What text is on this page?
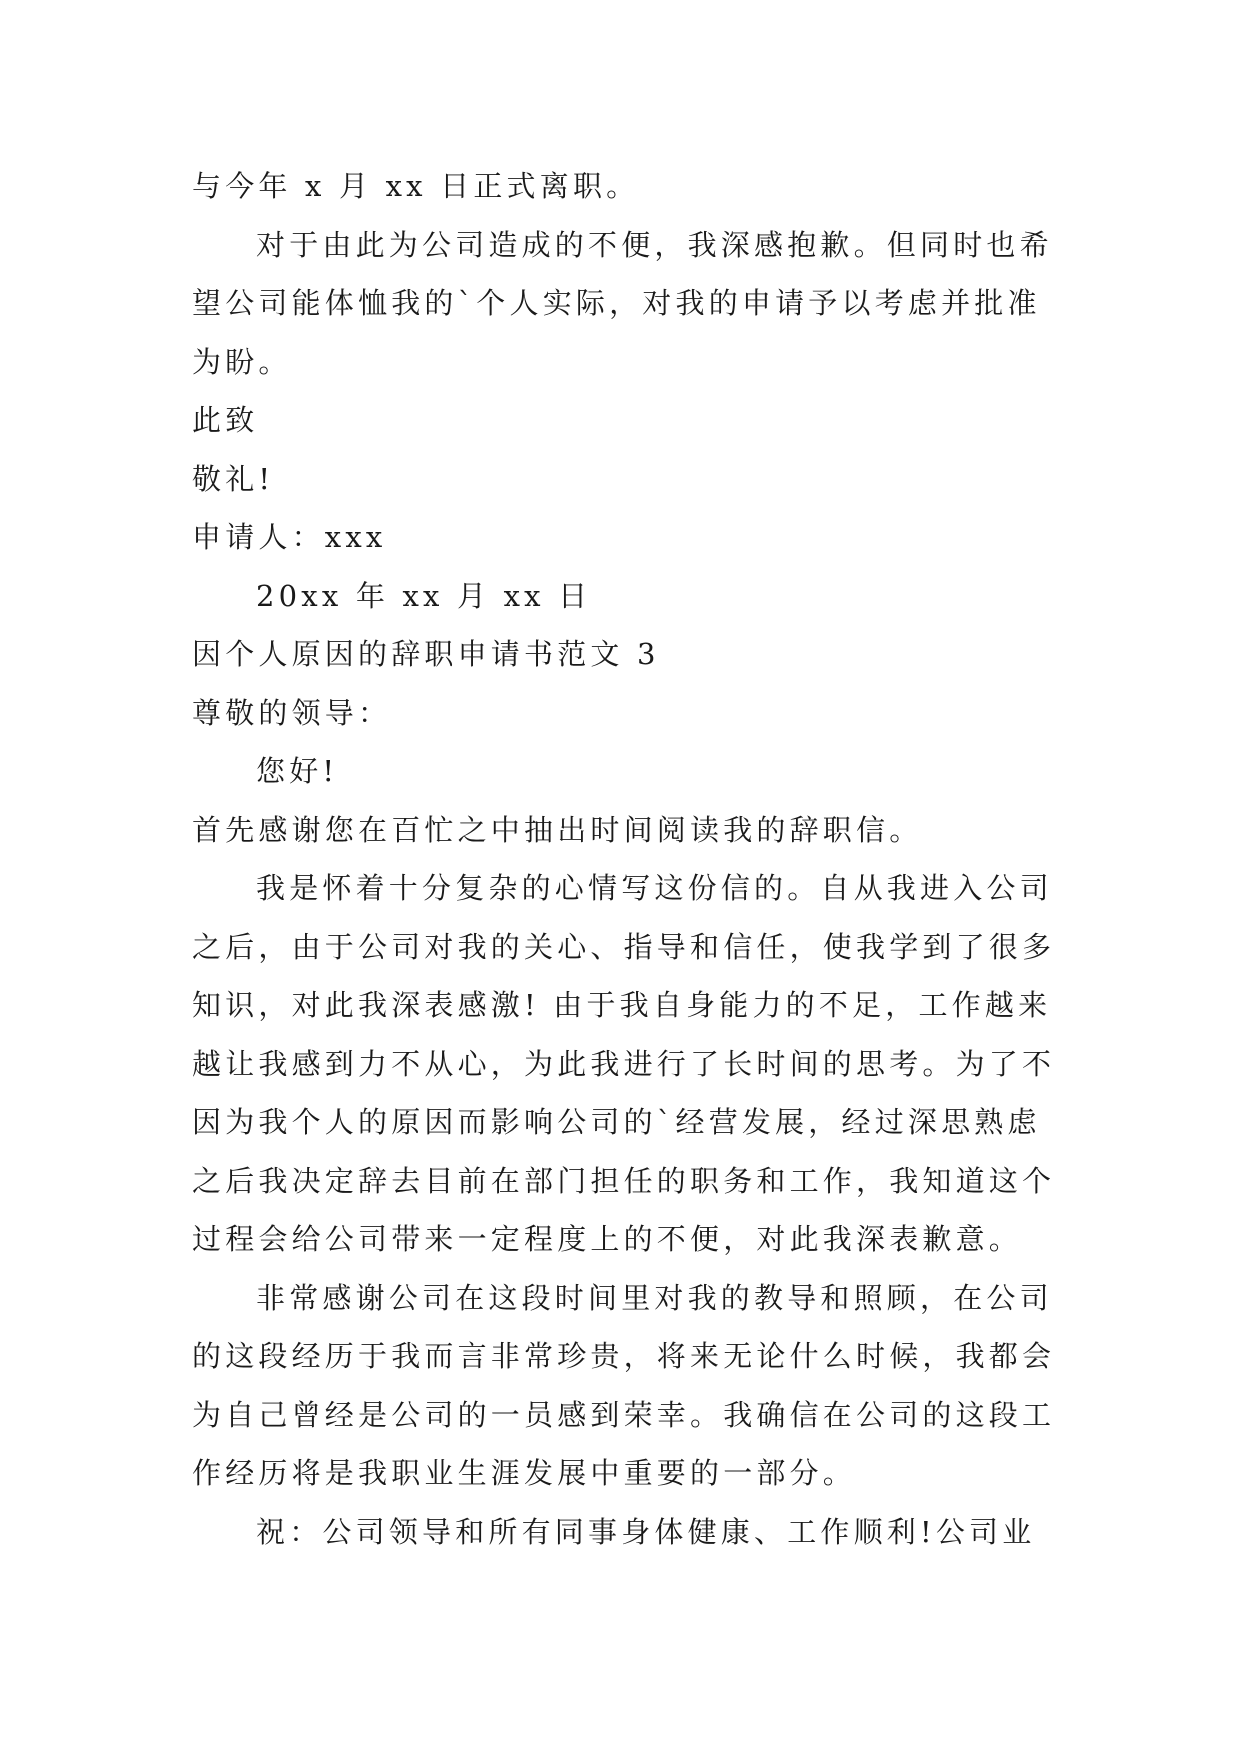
与今年 x 月 xx 日正式离职。

对于由此为公司造成的不便，我深感抱歉。但同时也希

望公司能体恤我的`个人实际，对我的申请予以考虑并批准

为盼。

此致

敬礼!

申请人：xxx

20xx 年 xx 月 xx 日

因个人原因的辞职申请书范文 3

尊敬的领导：

您好!

首先感谢您在百忙之中抽出时间阅读我的辞职信。

我是怀着十分复杂的心情写这份信的。自从我进入公司

之后，由于公司对我的关心、指导和信任，使我学到了很多

知识，对此我深表感激! 由于我自身能力的不足，工作越来

越让我感到力不从心，为此我进行了长时间的思考。为了不

因为我个人的原因而影响公司的`经营发展，经过深思熟虑

之后我决定辞去目前在部门担任的职务和工作，我知道这个

过程会给公司带来一定程度上的不便，对此我深表歉意。

非常感谢公司在这段时间里对我的教导和照顾，在公司

的这段经历于我而言非常珍贵，将来无论什么时候，我都会

为自己曾经是公司的一员感到荣幸。我确信在公司的这段工

作经历将是我职业生涯发展中重要的一部分。

祝：公司领导和所有同事身体健康、工作顺利!公司业
